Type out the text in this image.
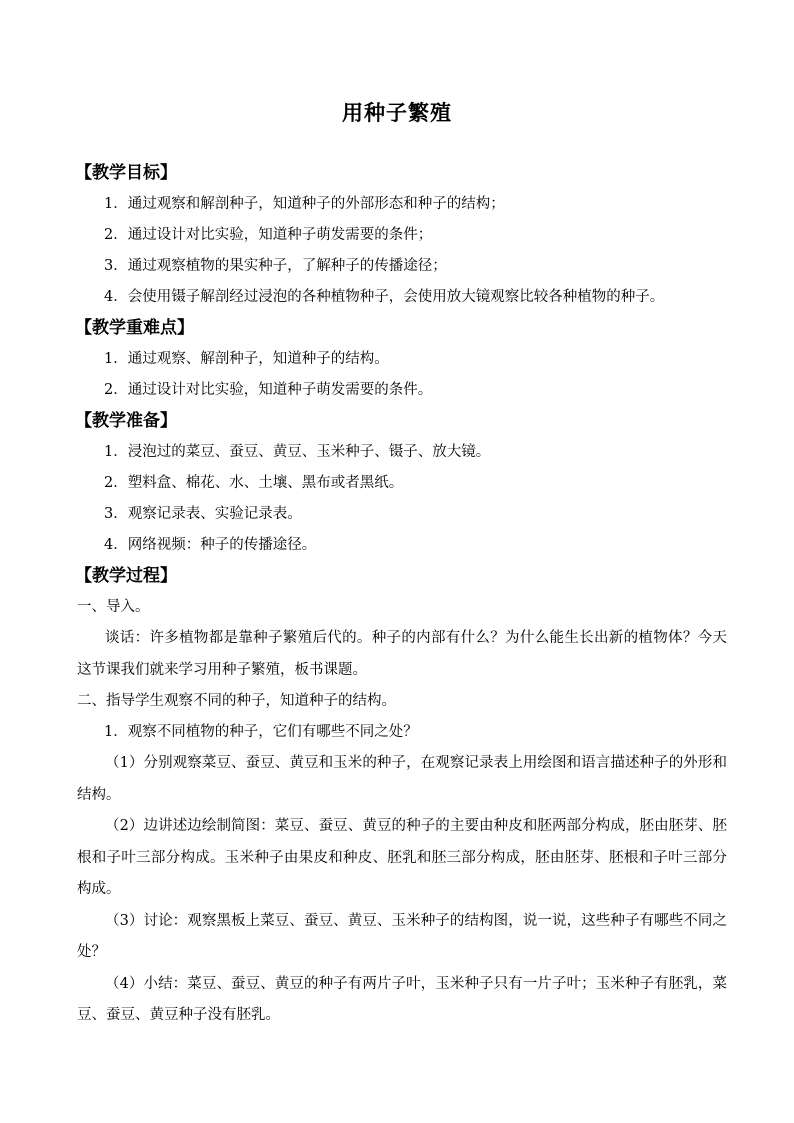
用种子繁殖
【教学目标】
1．通过观察和解剖种子，知道种子的外部形态和种子的结构；
2．通过设计对比实验，知道种子萌发需要的条件；
3．通过观察植物的果实种子，了解种子的传播途径；
4．会使用镊子解剖经过浸泡的各种植物种子，会使用放大镜观察比较各种植物的种子。
【教学重难点】
1．通过观察、解剖种子，知道种子的结构。
2．通过设计对比实验，知道种子萌发需要的条件。
【教学准备】
1．浸泡过的菜豆、蚕豆、黄豆、玉米种子、镊子、放大镜。
2．塑料盒、棉花、水、土壤、黑布或者黑纸。
3．观察记录表、实验记录表。
4．网络视频：种子的传播途径。
【教学过程】
一、导入。
谈话：许多植物都是靠种子繁殖后代的。种子的内部有什么？为什么能生长出新的植物体？今天这节课我们就来学习用种子繁殖，板书课题。
二、指导学生观察不同的种子，知道种子的结构。
1．观察不同植物的种子，它们有哪些不同之处？
（1）分别观察菜豆、蚕豆、黄豆和玉米的种子，在观察记录表上用绘图和语言描述种子的外形和结构。
（2）边讲述边绘制简图：菜豆、蚕豆、黄豆的种子的主要由种皮和胚两部分构成，胚由胚芽、胚根和子叶三部分构成。玉米种子由果皮和种皮、胚乳和胚三部分构成，胚由胚芽、胚根和子叶三部分构成。
（3）讨论：观察黑板上菜豆、蚕豆、黄豆、玉米种子的结构图，说一说，这些种子有哪些不同之处？
（4）小结：菜豆、蚕豆、黄豆的种子有两片子叶，玉米种子只有一片子叶；玉米种子有胚乳，菜豆、蚕豆、黄豆种子没有胚乳。
